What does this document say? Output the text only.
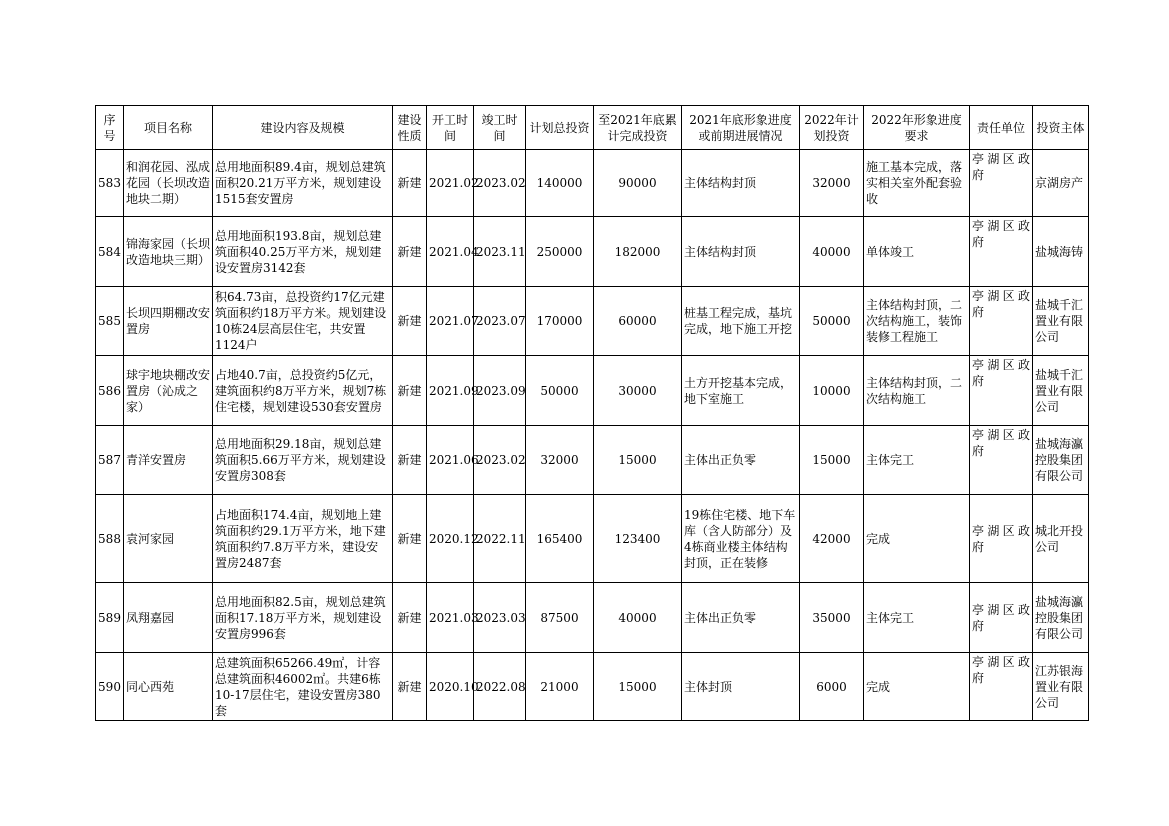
序号	项目名称	建设内容及规模	建设性质	开工时间	竣工时间	计划总投资	至2021年底累计完成投资	2021年底形象进度或前期进展情况	2022年计划投资	2022年形象进度要求	责任单位	投资主体
583	和润花园、泓成花园（长坝改造地块二期）	总用地面积89.4亩，规划总建筑面积20.21万平方米，规划建设1515套安置房	新建	2021.02	2023.02	140000	90000	主体结构封顶	32000	施工基本完成，落实相关室外配套验收	亭湖区政府	京湖房产
584	锦海家园（长坝改造地块三期）	总用地面积193.8亩，规划总建筑面积40.25万平方米，规划建设安置房3142套	新建	2021.04	2023.11	250000	182000	主体结构封顶	40000	单体竣工	亭湖区政府	盐城海铸
585	长坝四期棚改安置房	积64.73亩，总投资约17亿元建筑面积约18万平方米。规划建设10栋24层高层住宅，共安置1124户	新建	2021.07	2023.07	170000	60000	桩基工程完成，基坑完成，地下施工开挖	50000	主体结构封顶，二次结构施工，装饰装修工程施工	亭湖区政府	盐城千汇置业有限公司
586	球宇地块棚改安置房（沁成之家）	占地40.7亩，总投资约5亿元，建筑面积约8万平方米，规划7栋住宅楼，规划建设530套安置房	新建	2021.09	2023.09	50000	30000	土方开挖基本完成，地下室施工	10000	主体结构封顶，二次结构施工	亭湖区政府	盐城千汇置业有限公司
587	青洋安置房	总用地面积29.18亩，规划总建筑面积5.66万平方米，规划建设安置房308套	新建	2021.06	2023.02	32000	15000	主体出正负零	15000	主体完工	亭湖区政府	盐城海瀛控股集团有限公司
588	袁河家园	占地面积174.4亩，规划地上建筑面积约29.1万平方米，地下建筑面积约7.8万平方米，建设安置房2487套	新建	2020.12	2022.11	165400	123400	19栋住宅楼、地下车库（含人防部分）及4栋商业楼主体结构封顶，正在装修	42000	完成	亭湖区政府	城北开投公司
589	凤翔嘉园	总用地面积82.5亩，规划总建筑面积17.18万平方米，规划建设安置房996套	新建	2021.03	2023.03	87500	40000	主体出正负零	35000	主体完工	亭湖区政府	盐城海瀛控股集团有限公司
590	同心西苑	总建筑面积65266.49㎡，计容总建筑面积46002㎡。共建6栋10-17层住宅，建设安置房380套	新建	2020.10	2022.08	21000	15000	主体封顶	6000	完成	亭湖区政府	江苏银海置业有限公司
